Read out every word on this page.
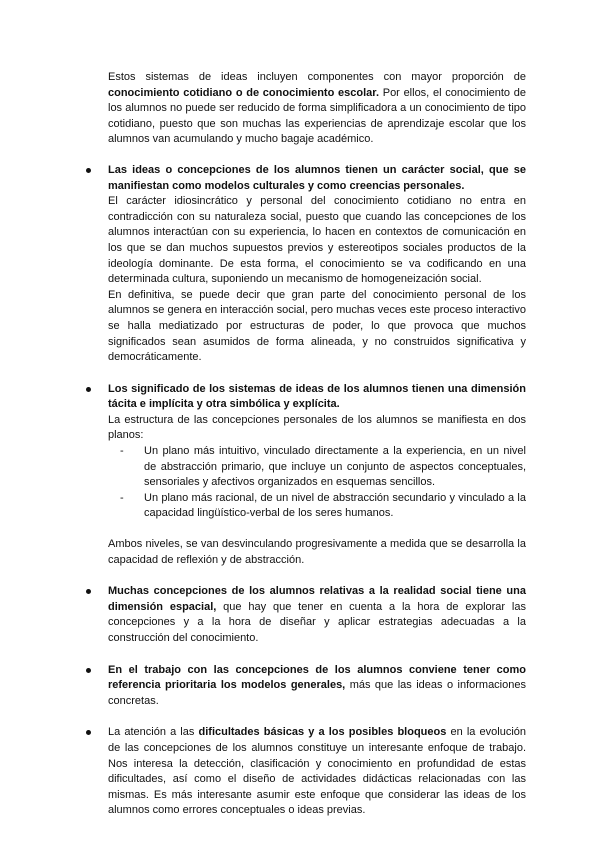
Estos sistemas de ideas incluyen componentes con mayor proporción de conocimiento cotidiano o de conocimiento escolar. Por ellos, el conocimiento de los alumnos no puede ser reducido de forma simplificadora a un conocimiento de tipo cotidiano, puesto que son muchas las experiencias de aprendizaje escolar que los alumnos van acumulando y mucho bagaje académico.

Las ideas o concepciones de los alumnos tienen un carácter social, que se manifiestan como modelos culturales y como creencias personales.

El carácter idiosincrático y personal del conocimiento cotidiano no entra en contradicción con su naturaleza social, puesto que cuando las concepciones de los alumnos interactúan con su experiencia, lo hacen en contextos de comunicación en los que se dan muchos supuestos previos y estereotipos sociales productos de la ideología dominante. De esta forma, el conocimiento se va codificando en una determinada cultura, suponiendo un mecanismo de homogeneización social.

En definitiva, se puede decir que gran parte del conocimiento personal de los alumnos se genera en interacción social, pero muchas veces este proceso interactivo se halla mediatizado por estructuras de poder, lo que provoca que muchos significados sean asumidos de forma alineada, y no construidos significativa y democráticamente.

Los significado de los sistemas de ideas de los alumnos tienen una dimensión tácita e implícita y otra simbólica y explícita.

La estructura de las concepciones personales de los alumnos se manifiesta en dos planos:

- Un plano más intuitivo, vinculado directamente a la experiencia, en un nivel de abstracción primario, que incluye un conjunto de aspectos conceptuales, sensoriales y afectivos organizados en esquemas sencillos.
- Un plano más racional, de un nivel de abstracción secundario y vinculado a la capacidad lingüístico-verbal de los seres humanos.

Ambos niveles, se van desvinculando progresivamente a medida que se desarrolla la capacidad de reflexión y de abstracción.

Muchas concepciones de los alumnos relativas a la realidad social tiene una dimensión espacial, que hay que tener en cuenta a la hora de explorar las concepciones y a la hora de diseñar y aplicar estrategias adecuadas a la construcción del conocimiento.

En el trabajo con las concepciones de los alumnos conviene tener como referencia prioritaria los modelos generales, más que las ideas o informaciones concretas.

La atención a las dificultades básicas y a los posibles bloqueos en la evolución de las concepciones de los alumnos constituye un interesante enfoque de trabajo. Nos interesa la detección, clasificación y conocimiento en profundidad de estas dificultades, así como el diseño de actividades didácticas relacionadas con las mismas. Es más interesante asumir este enfoque que considerar las ideas de los alumnos como errores conceptuales o ideas previas.
